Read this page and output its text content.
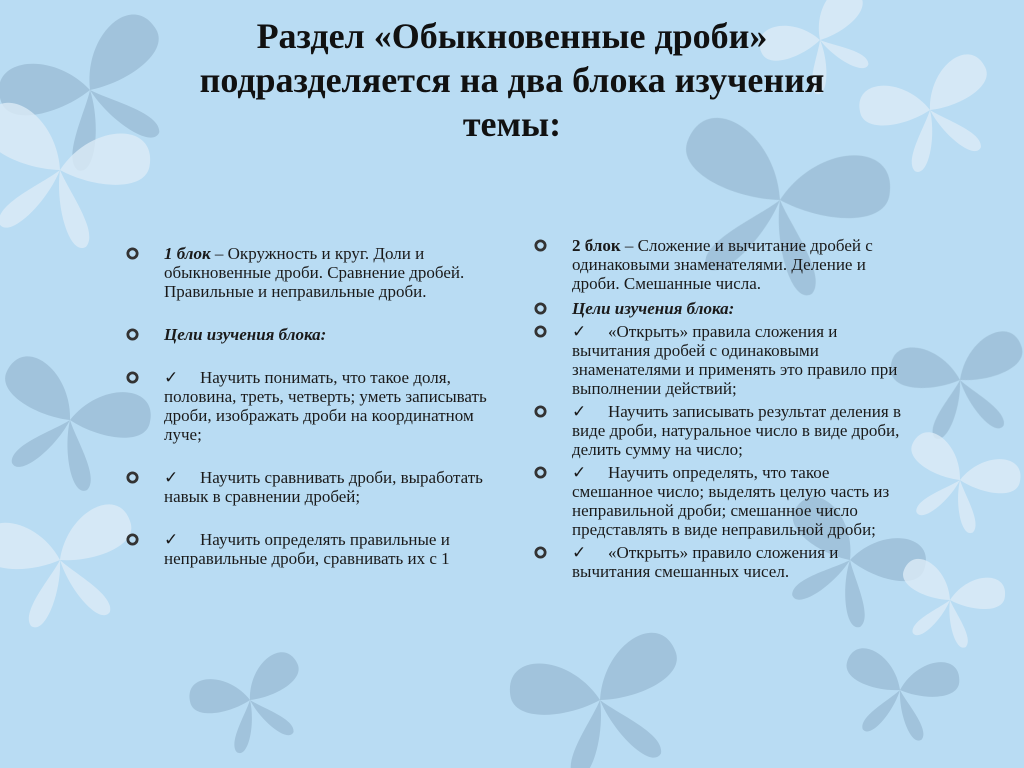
Раздел «Обыкновенные дроби»
подразделяется на два блока изучения
темы:
1 блок – Окружность и круг. Доли и обыкновенные дроби. Сравнение дробей. Правильные и неправильные дроби.
Цели изучения блока:
✓ Научить понимать, что такое доля, половина, треть, четверть; уметь записывать дроби, изображать дроби на координатном луче;
✓ Научить сравнивать дроби, выработать навык в сравнении дробей;
✓ Научить определять правильные и неправильные дроби, сравнивать их с 1
2 блок – Сложение и вычитание дробей с одинаковыми знаменателями. Деление и дроби. Смешанные числа.
Цели изучения блока:
✓ «Открыть» правила сложения и вычитания дробей с одинаковыми знаменателями и применять это правило при выполнении действий;
✓ Научить записывать результат деления в виде дроби, натуральное число в виде дроби, делить сумму на число;
✓ Научить определять, что такое смешанное число; выделять целую часть из неправильной дроби; смешанное число представлять в виде неправильной дроби;
✓ «Открыть» правило сложения и вычитания смешанных чисел.
